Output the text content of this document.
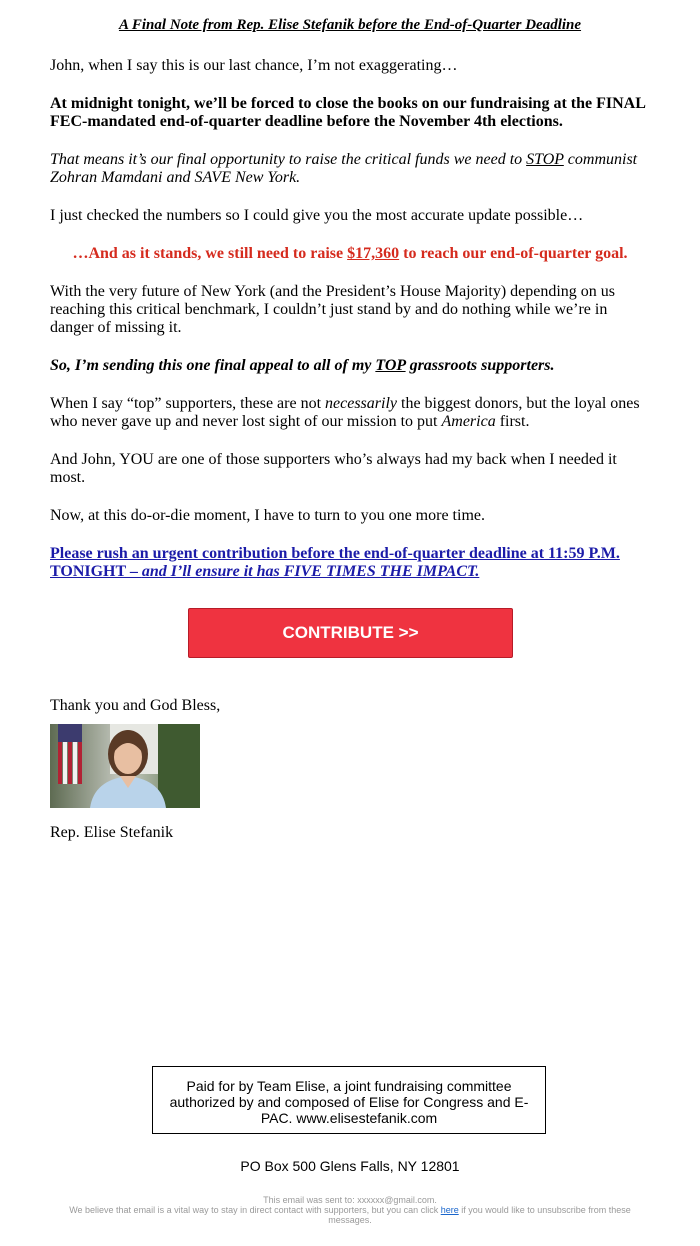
A Final Note from Rep. Elise Stefanik before the End-of-Quarter Deadline

John, when I say this is our last chance, I’m not exaggerating…

At midnight tonight, we’ll be forced to close the books on our fundraising at the FINAL FEC-mandated end-of-quarter deadline before the November 4th elections.

That means it’s our final opportunity to raise the critical funds we need to STOP communist Zohran Mamdani and SAVE New York.

I just checked the numbers so I could give you the most accurate update possible…

…And as it stands, we still need to raise $17,360 to reach our end-of-quarter goal.

With the very future of New York (and the President’s House Majority) depending on us reaching this critical benchmark, I couldn’t just stand by and do nothing while we’re in danger of missing it.

So, I’m sending this one final appeal to all of my TOP grassroots supporters.

When I say “top” supporters, these are not necessarily the biggest donors, but the loyal ones who never gave up and never lost sight of our mission to put America first.

And John, YOU are one of those supporters who’s always had my back when I needed it most.

Now, at this do-or-die moment, I have to turn to you one more time.

Please rush an urgent contribution before the end-of-quarter deadline at 11:59 P.M. TONIGHT – and I’ll ensure it has FIVE TIMES THE IMPACT.

CONTRIBUTE >>

Thank you and God Bless,

Rep. Elise Stefanik

Paid for by Team Elise, a joint fundraising committee authorized by and composed of Elise for Congress and E-PAC. www.elisestefanik.com
PO Box 500 Glens Falls, NY 12801
This email was sent to: xxxxxx@gmail.com.
We believe that email is a vital way to stay in direct contact with supporters, but you can click here if you would like to unsubscribe from these messages.
